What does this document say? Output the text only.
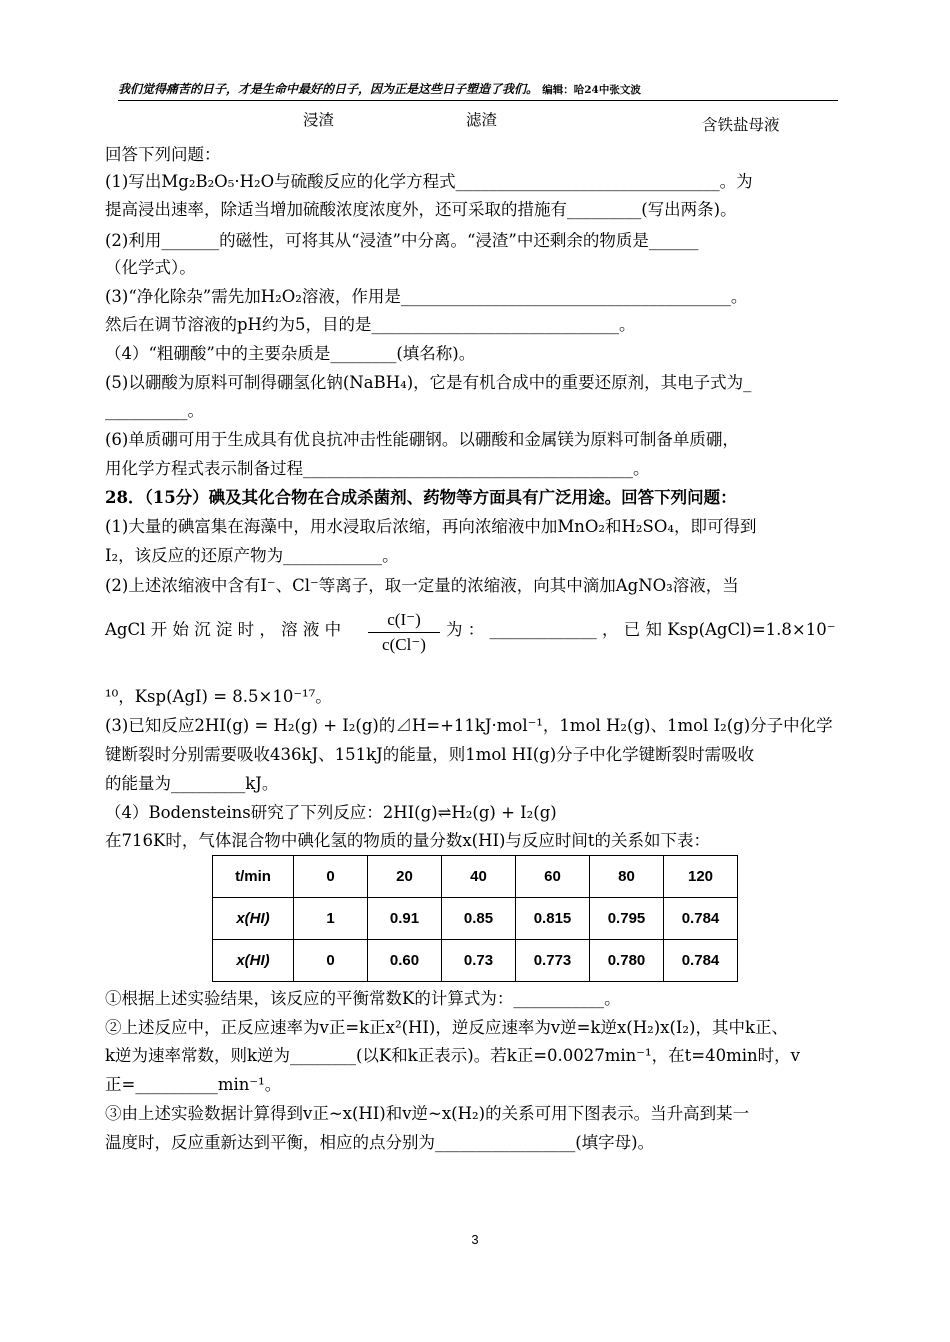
我们觉得痛苦的日子，才是生命中最好的日子，因为正是这些日子塑造了我们。 编辑：哈24中张文波
浸渣	滤渣	含铁盐母液
回答下列问题：
(1)写出Mg₂B₂O₅·H₂O与硫酸反应的化学方程式________________________________。为
提高浸出速率，除适当增加硫酸浓度浓度外，还可采取的措施有_________(写出两条)。
(2)利用_______的磁性，可将其从“浸渣”中分离。“浸渣”中还剩余的物质是______
（化学式）。
(3)“净化除杂”需先加H₂O₂溶液，作用是________________________________________。
然后在调节溶液的pH约为5，目的是______________________________。
（4）“粗硼酸”中的主要杂质是________(填名称)。
(5)以硼酸为原料可制得硼氢化钠(NaBH₄)，它是有机合成中的重要还原剂，其电子式为_
__________。
(6)单质硼可用于生成具有优良抗冲击性能硼钢。以硼酸和金属镁为原料可制备单质硼，
用化学方程式表示制备过程________________________________________。
28．（15分）碘及其化合物在合成杀菌剂、药物等方面具有广泛用途。回答下列问题：
(1)大量的碘富集在海藻中，用水浸取后浓缩，再向浓缩液中加MnO₂和H₂SO₄，即可得到
I₂，该反应的还原产物为____________。
(2)上述浓缩液中含有I⁻、Cl⁻等离子，取一定量的浓缩液，向其中滴加AgNO₃溶液，当
AgCl 开 始 沉 淀 时 ， 溶 液 中 $\frac{c(I^-)}{c(Cl^-)}$ 为 ： _____________ ， 已 知 Ksp(AgCl)=1.8×10⁻
¹⁰，Ksp(AgI) = 8.5×10⁻¹⁷。
(3)已知反应2HI(g) = H₂(g) + I₂(g)的⊿H=+11kJ·mol⁻¹，1mol H₂(g)、1mol I₂(g)分子中化学
键断裂时分别需要吸收436kJ、151kJ的能量，则1mol HI(g)分子中化学键断裂时需吸收
的能量为_________kJ。
（4）Bodensteins研究了下列反应：2HI(g)⇌H₂(g) + I₂(g)
在716K时，气体混合物中碘化氢的物质的量分数x(HI)与反应时间t的关系如下表：
t/min	0	20	40	60	80	120
x(HI)	1	0.91	0.85	0.815	0.795	0.784
x(HI)	0	0.60	0.73	0.773	0.780	0.784
①根据上述实验结果，该反应的平衡常数K的计算式为：___________。
②上述反应中，正反应速率为v正=k正x²(HI)，逆反应速率为v逆=k逆x(H₂)x(I₂)，其中k正、
k逆为速率常数，则k逆为________(以K和k正表示)。若k正=0.0027min⁻¹，在t=40min时，v
正=__________min⁻¹。
③由上述实验数据计算得到v正~x(HI)和v逆~x(H₂)的关系可用下图表示。当升高到某一
温度时，反应重新达到平衡，相应的点分别为_________________(填字母)。
3
